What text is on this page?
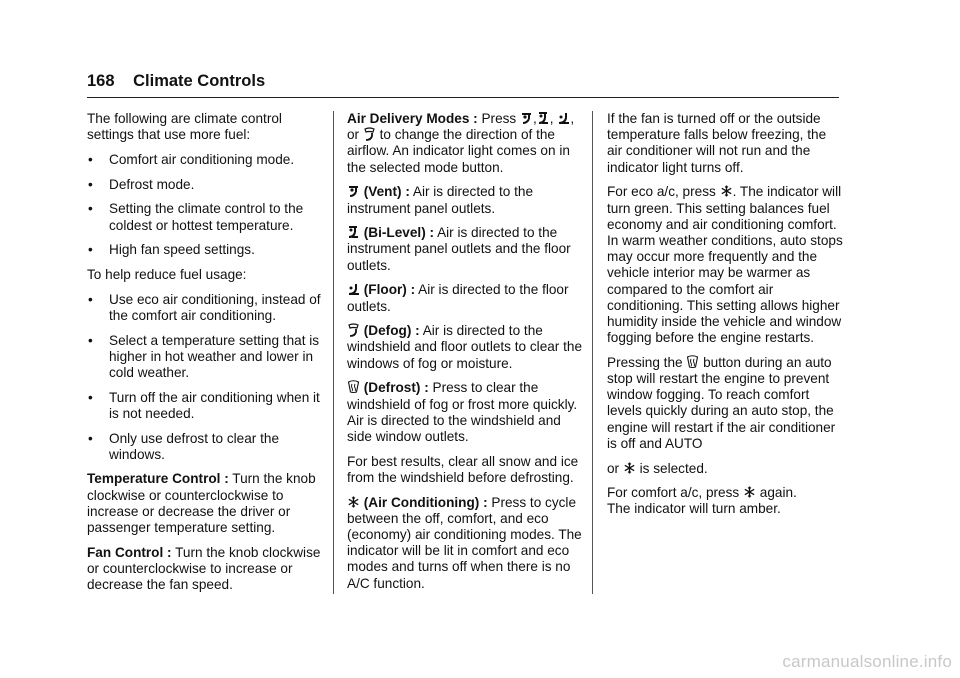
168 Climate Controls

The following are climate control settings that use more fuel:

• Comfort air conditioning mode.
• Defrost mode.
• Setting the climate control to the coldest or hottest temperature.
• High fan speed settings.

To help reduce fuel usage:

• Use eco air conditioning, instead of the comfort air conditioning.
• Select a temperature setting that is higher in hot weather and lower in cold weather.
• Turn off the air conditioning when it is not needed.
• Only use defrost to clear the windows.

Temperature Control : Turn the knob clockwise or counterclockwise to increase or decrease the driver or passenger temperature setting.

Fan Control : Turn the knob clockwise or counterclockwise to increase or decrease the fan speed.

Air Delivery Modes : Press , , , or to change the direction of the airflow. An indicator light comes on in the selected mode button.

(Vent) : Air is directed to the instrument panel outlets.

(Bi-Level) : Air is directed to the instrument panel outlets and the floor outlets.

(Floor) : Air is directed to the floor outlets.

(Defog) : Air is directed to the windshield and floor outlets to clear the windows of fog or moisture.

(Defrost) : Press to clear the windshield of fog or frost more quickly. Air is directed to the windshield and side window outlets.

For best results, clear all snow and ice from the windshield before defrosting.

(Air Conditioning) : Press to cycle between the off, comfort, and eco (economy) air conditioning modes. The indicator will be lit in comfort and eco modes and turns off when there is no A/C function.

If the fan is turned off or the outside temperature falls below freezing, the air conditioner will not run and the indicator light turns off.

For eco a/c, press . The indicator will turn green. This setting balances fuel economy and air conditioning comfort. In warm weather conditions, auto stops may occur more frequently and the vehicle interior may be warmer as compared to the comfort air conditioning. This setting allows higher humidity inside the vehicle and window fogging before the engine restarts.

Pressing the button during an auto stop will restart the engine to prevent window fogging. To reach comfort levels quickly during an auto stop, the engine will restart if the air conditioner is off and AUTO

or is selected.

For comfort a/c, press again.
The indicator will turn amber.

carmanualsonline.info
